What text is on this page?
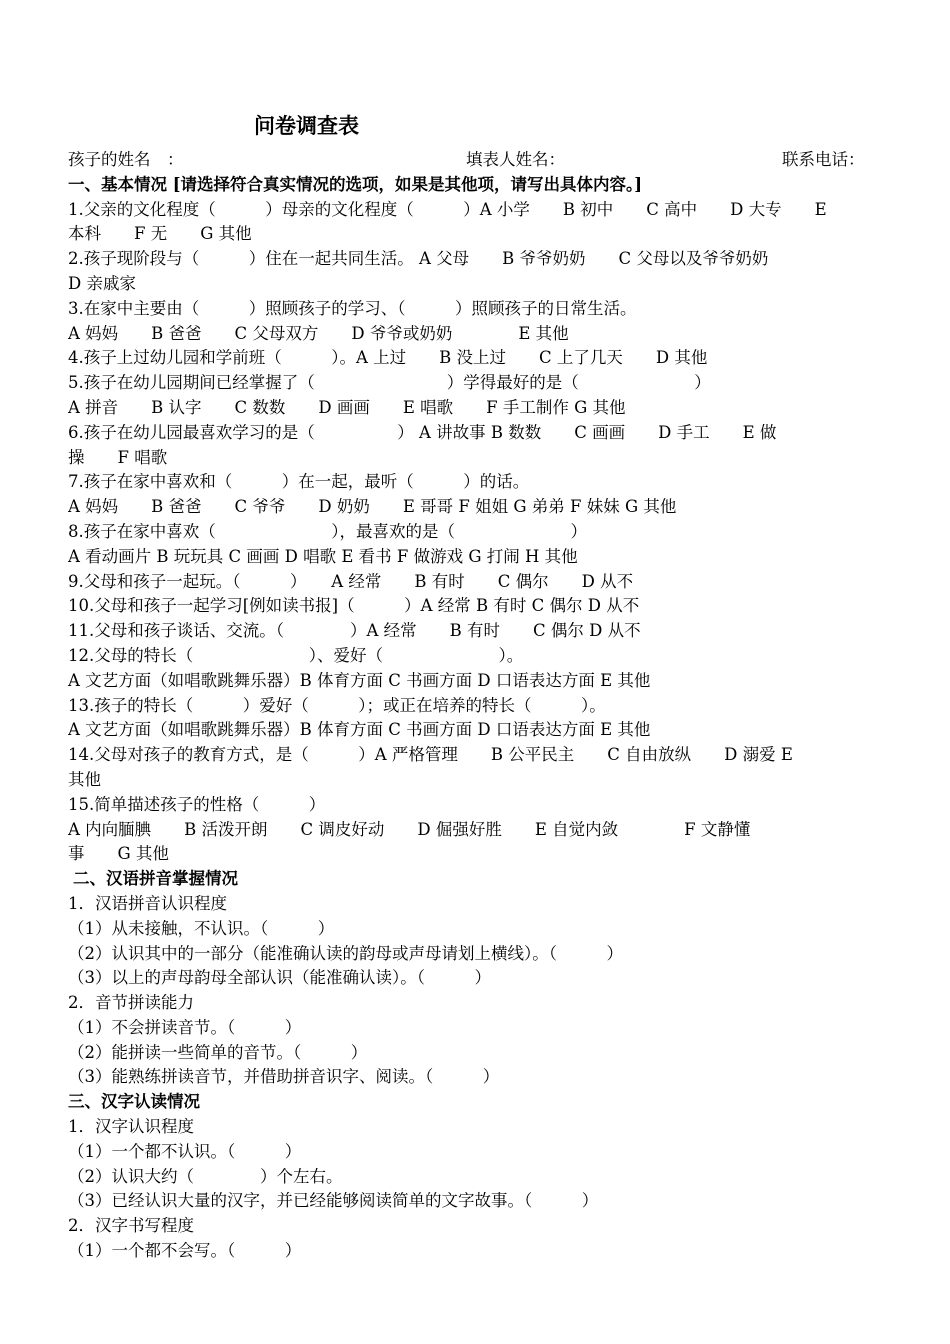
问卷调查表
孩子的姓名　：	填表人姓名：	联系电话：
一、基本情况 [请选择符合真实情况的选项，如果是其他项，请写出具体内容。]
1.父亲的文化程度（　　　）母亲的文化程度（　　　）A 小学　　B 初中　　C 高中　　D 大专　　E
本科　　F 无　　G 其他
2.孩子现阶段与（　　　）住在一起共同生活。 A 父母　　B 爷爷奶奶　　C 父母以及爷爷奶奶
D 亲戚家
3.在家中主要由（　　　）照顾孩子的学习、（　　　）照顾孩子的日常生活。
A 妈妈　　B 爸爸　　C 父母双方　　D 爷爷或奶奶　　　　E 其他
4.孩子上过幼儿园和学前班（　　　）。A 上过　　B 没上过　　C 上了几天　　D 其他
5.孩子在幼儿园期间已经掌握了（　　　　　　　　）学得最好的是（　　　　　　　）
A 拼音　　B 认字　　C 数数　　D 画画　　E 唱歌　　F 手工制作 G 其他
6.孩子在幼儿园最喜欢学习的是（　　　　　） A 讲故事 B 数数　　C 画画　　D 手工　　E 做
操　　F 唱歌
7.孩子在家中喜欢和（　　　）在一起，最听（　　　）的话。
A 妈妈　　B 爸爸　　C 爷爷　　D 奶奶　　E 哥哥 F 姐姐 G 弟弟 F 妹妹 G 其他
8.孩子在家中喜欢（　　　　　　　），最喜欢的是（　　　　　　　）
A 看动画片 B 玩玩具 C 画画 D 唱歌 E 看书 F 做游戏 G 打闹 H 其他
9.父母和孩子一起玩。（　　　）　　A 经常　　B 有时　　C 偶尔　　D 从不
10.父母和孩子一起学习[例如读书报]（　　　）A 经常 B 有时 C 偶尔 D 从不
11.父母和孩子谈话、交流。（　　　　）A 经常　　B 有时　　C 偶尔 D 从不
12.父母的特长（　　　　　　　）、爱好（　　　　　　　）。
A 文艺方面（如唱歌跳舞乐器）B 体育方面 C 书画方面 D 口语表达方面 E 其他
13.孩子的特长（　　　）爱好（　　　）；或正在培养的特长（　　　）。
A 文艺方面（如唱歌跳舞乐器）B 体育方面 C 书画方面 D 口语表达方面 E 其他
14.父母对孩子的教育方式，是（　　　）A 严格管理　　B 公平民主　　C 自由放纵　　D 溺爱 E
其他
15.简单描述孩子的性格（　　　）
A 内向腼腆　　B 活泼开朗　　C 调皮好动　　D 倔强好胜　　E 自觉内敛　　　　F 文静懂
事　　G 其他
二、汉语拼音掌握情况
1．汉语拼音认识程度
（1）从未接触，不认识。（　　　）
（2）认识其中的一部分（能准确认读的韵母或声母请划上横线）。（　　　）
（3）以上的声母韵母全部认识（能准确认读）。（　　　）
2．音节拼读能力
（1）不会拼读音节。（　　　）
（2）能拼读一些简单的音节。（　　　）
（3）能熟练拼读音节，并借助拼音识字、阅读。（　　　）
三、汉字认读情况
1．汉字认识程度
（1）一个都不认识。（　　　）
（2）认识大约（　　　　）个左右。
（3）已经认识大量的汉字，并已经能够阅读简单的文字故事。（　　　）
2．汉字书写程度
（1）一个都不会写。（　　　）
